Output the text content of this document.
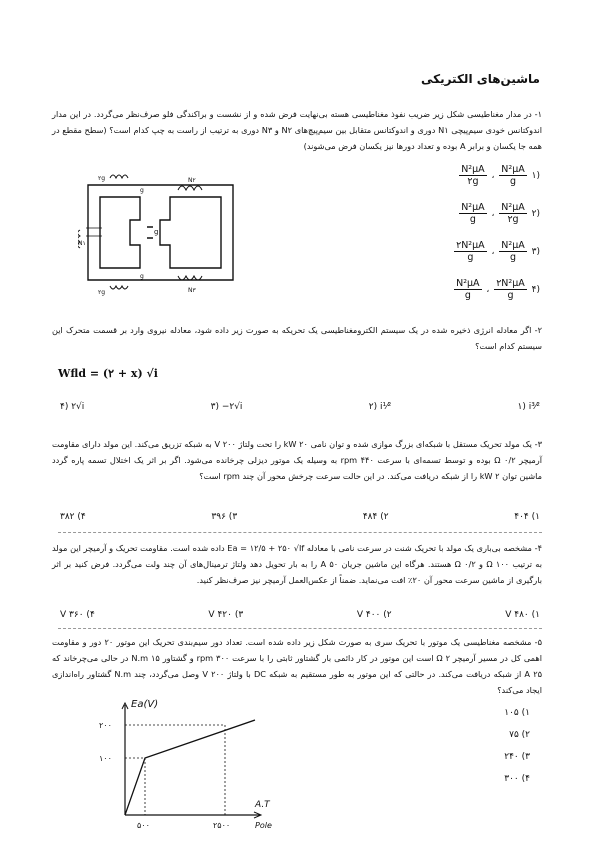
ماشین‌های الکتریکی
۱- در مدار مغناطیسی شکل زیر ضریب نفوذ مغناطیسی هسته بی‌نهایت فرض شده و از نشست و براکندگی فلو صرف‌نظر می‌گردد. در این مدار اندوکتانس خودی سیم‌پیچی N۱ دوری و اندوکتانس متقابل بین سیم‌پیچ‌های N۲ و N۳ دوری به ترتیب از راست به چپ کدام است؟ (سطح مقطع در همه جا یکسان و برابر A بوده و تعداد دورها نیز یکسان فرض می‌شوند)
۲g
۲g
N۲
N۳
N۱
g
g
g
$\frac{\text{N²μA}}{۲g}$ ، $\frac{\text{N²μA}}{g}$ ۱)
$\frac{\text{N²μA}}{g}$ ، $\frac{\text{N²μA}}{۲g}$ ۲)
$\frac{\text{۲N²μA}}{g}$ ، $\frac{\text{N²μA}}{g}$ ۳)
$\frac{\text{N²μA}}{g}$ ، $\frac{\text{۲N²μA}}{g}$ ۴)
۲- اگر معادله انرژی ذخیره شده در یک سیستم الکترومغناطیسی یک تحریکه به صورت زیر داده شود، معادله نیروی وارد بر قسمت متحرک این سیستم کدام است؟
Wfld = (۲ + x) √i
۱) i³⁄²
۲) i¹⁄²
۳) −۲√i
۴) ۲√i
۳- یک مولد تحریک مستقل با شبکه‌ای بزرگ موازی شده و توان نامی ۲۰ kW را تحت ولتاژ ۲۰۰ V به شبکه تزریق می‌کند. این مولد دارای مقاومت آرمیچر ۰/۲ Ω بوده و توسط تسمه‌ای با سرعت ۴۴۰ rpm به وسیله یک موتور دیزلی چرخانده می‌شود. اگر بر اثر یک اختلال تسمه پاره گردد ماشین توان ۲ kW را از شبکه دریافت می‌کند. در این حالت سرعت چرخش محور آن چند rpm است؟
۱) ۴۰۴
۲) ۴۸۴
۳) ۳۹۶
۴) ۳۸۲
۴- مشخصه بی‌باری یک مولد با تحریک شنت در سرعت نامی با معادله Ea = ۱۲/۵ + ۲۵۰ √If داده شده است. مقاومت تحریک و آرمیچر این مولد به ترتیب ۱۰۰ Ω و ۰/۲ Ω هستند. هرگاه این ماشین جریان ۵۰ A را به بار تحویل دهد ولتاژ ترمینال‌های آن چند ولت می‌گردد. فرض کنید بر اثر بارگیری از ماشین سرعت محور آن ۲۰٪ افت می‌نماید. ضمناً از عکس‌العمل آرمیچر نیز صرف‌نظر کنید.
۱) ۴۸۰ V
۲) ۴۰۰ V
۳) ۴۲۰ V
۴) ۳۶۰ V
۵- مشخصه مغناطیسی یک موتور با تحریک سری به صورت شکل زیر داده شده است. تعداد دور سیم‌بندی تحریک این موتور ۲۰ دور و مقاومت اهمی کل در مسیر آرمیچر ۲ Ω است این موتور در کار دائمی بار گشتاور ثابتی را با سرعت ۳۰۰ rpm و گشتاور ۱۵ N.m در حالی می‌چرخاند که ۲۵ A از شبکه دریافت می‌کند. در حالتی که این موتور به طور مستقیم به شبکه DC با ولتاژ ۲۰۰ V وصل می‌گردد، چند N.m گشتاور راه‌اندازی ایجاد می‌کند؟
۱) ۱۰۵
۲) ۷۵
۳) ۲۴۰
۴) ۳۰۰
Ea(V)
۲۰۰
۱۰۰
۵۰۰	۲۵۰۰
A.T
Pole
